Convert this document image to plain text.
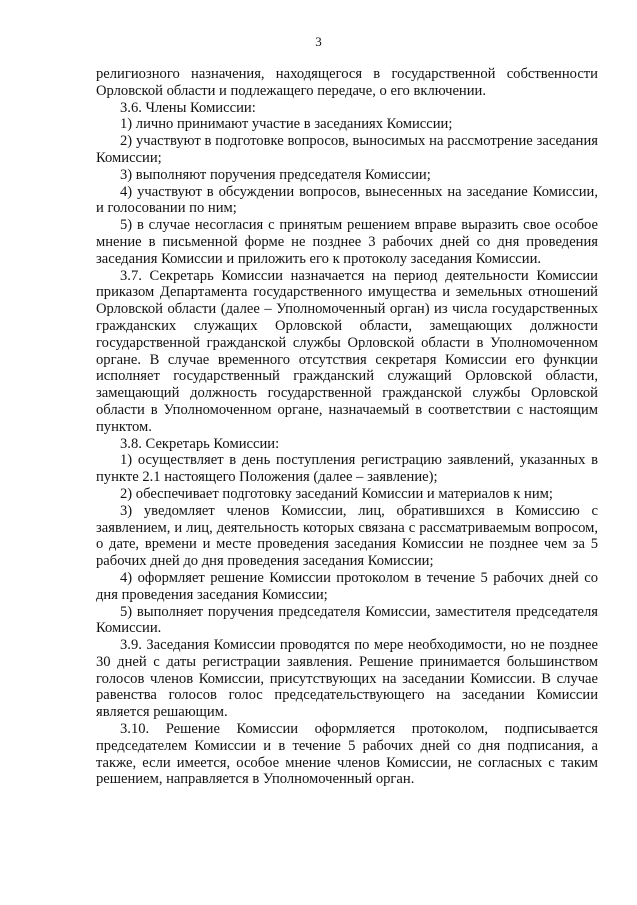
3

религиозного назначения, находящегося в государственной собственности Орловской области и подлежащего передаче, о его включении.

3.6. Члены Комиссии:

1) лично принимают участие в заседаниях Комиссии;

2) участвуют в подготовке вопросов, выносимых на рассмотрение заседания Комиссии;

3) выполняют поручения председателя Комиссии;

4) участвуют в обсуждении вопросов, вынесенных на заседание Комиссии, и голосовании по ним;

5) в случае несогласия с принятым решением вправе выразить свое особое мнение в письменной форме не позднее 3 рабочих дней со дня проведения заседания Комиссии и приложить его к протоколу заседания Комиссии.

3.7. Секретарь Комиссии назначается на период деятельности Комиссии приказом Департамента государственного имущества и земельных отношений Орловской области (далее – Уполномоченный орган) из числа государственных гражданских служащих Орловской области, замещающих должности государственной гражданской службы Орловской области в Уполномоченном органе. В случае временного отсутствия секретаря Комиссии его функции исполняет государственный гражданский служащий Орловской области, замещающий должность государственной гражданской службы Орловской области в Уполномоченном органе, назначаемый в соответствии с настоящим пунктом.

3.8. Секретарь Комиссии:

1) осуществляет в день поступления регистрацию заявлений, указанных в пункте 2.1 настоящего Положения (далее – заявление);

2) обеспечивает подготовку заседаний Комиссии и материалов к ним;

3) уведомляет членов Комиссии, лиц, обратившихся в Комиссию с заявлением, и лиц, деятельность которых связана с рассматриваемым вопросом, о дате, времени и месте проведения заседания Комиссии не позднее чем за 5 рабочих дней до дня проведения заседания Комиссии;

4) оформляет решение Комиссии протоколом в течение 5 рабочих дней со дня проведения заседания Комиссии;

5) выполняет поручения председателя Комиссии, заместителя председателя Комиссии.

3.9. Заседания Комиссии проводятся по мере необходимости, но не позднее 30 дней с даты регистрации заявления. Решение принимается большинством голосов членов Комиссии, присутствующих на заседании Комиссии. В случае равенства голосов голос председательствующего на заседании Комиссии является решающим.

3.10. Решение Комиссии оформляется протоколом, подписывается председателем Комиссии и в течение 5 рабочих дней со дня подписания, а также, если имеется, особое мнение членов Комиссии, не согласных с таким решением, направляется в Уполномоченный орган.
